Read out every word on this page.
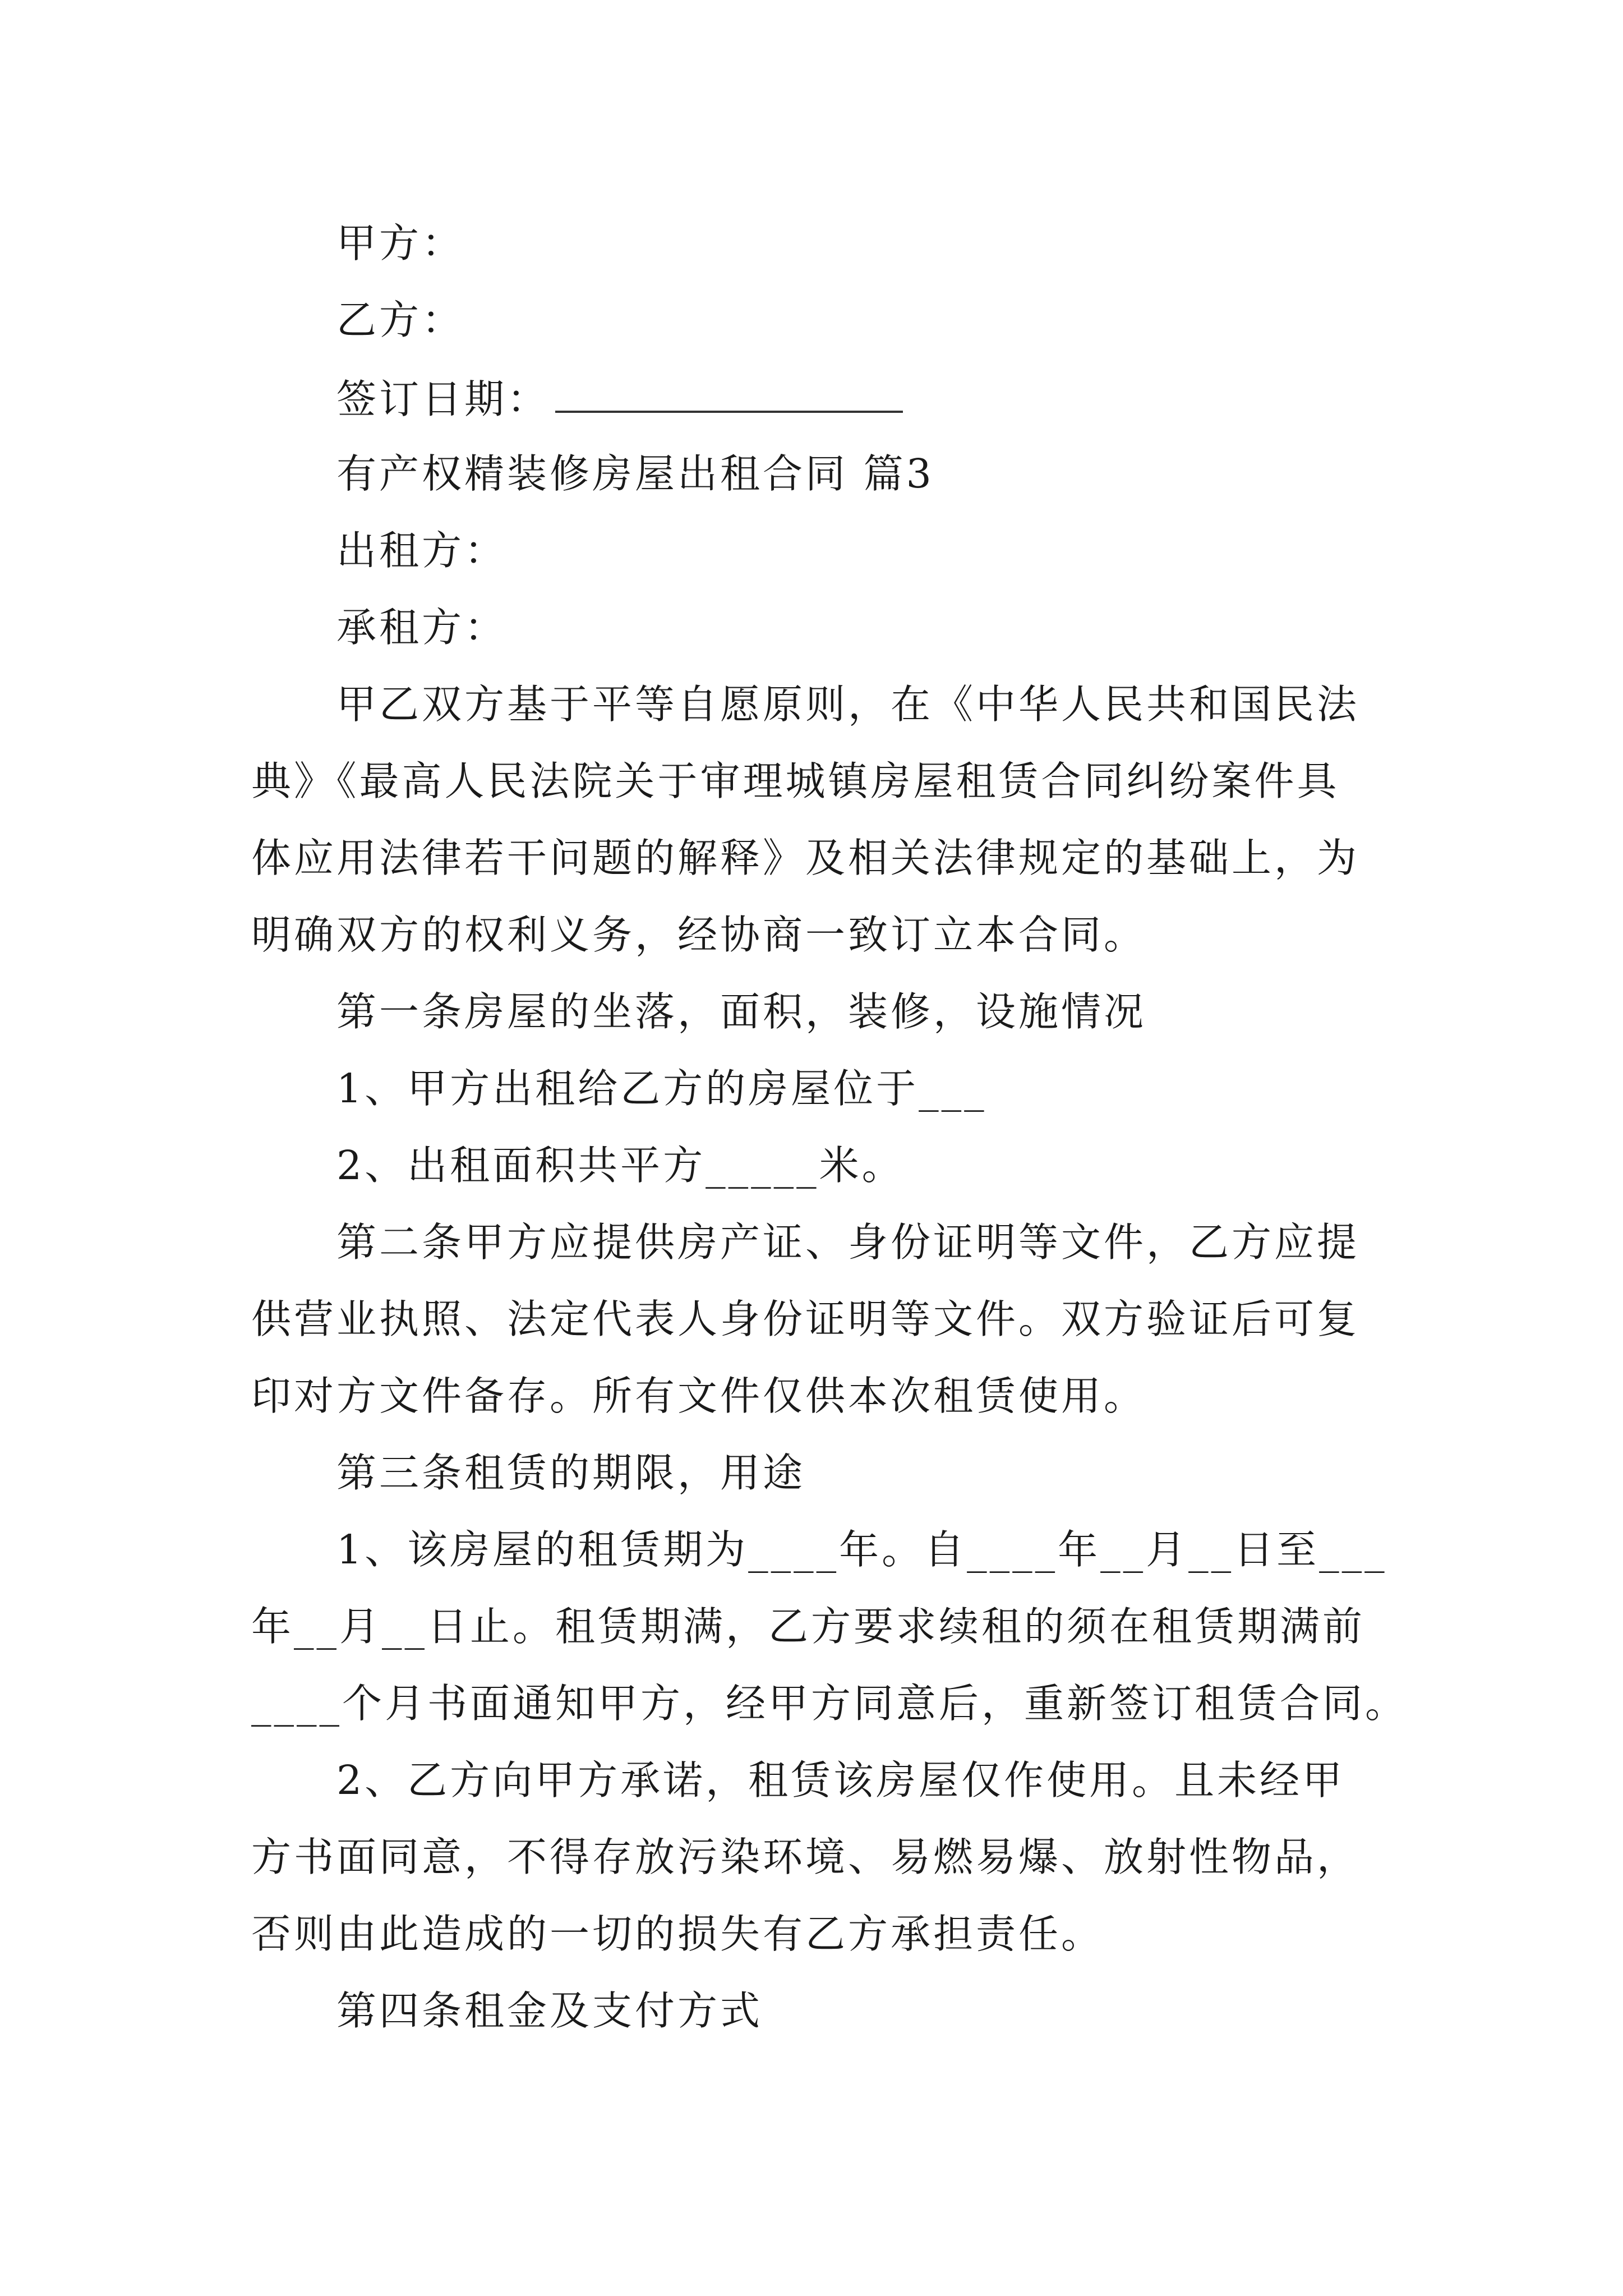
甲方：
乙方：
签订日期：
有产权精装修房屋出租合同 篇3
出租方：
承租方：
甲乙双方基于平等自愿原则，在《中华人民共和国民法
典》《最高人民法院关于审理城镇房屋租赁合同纠纷案件具
体应用法律若干问题的解释》及相关法律规定的基础上，为
明确双方的权利义务，经协商一致订立本合同。
第一条房屋的坐落，面积，装修，设施情况
1、甲方出租给乙方的房屋位于___
2、出租面积共平方_____米。
第二条甲方应提供房产证、身份证明等文件，乙方应提
供营业执照、法定代表人身份证明等文件。双方验证后可复
印对方文件备存。所有文件仅供本次租赁使用。
第三条租赁的期限，用途
1、该房屋的租赁期为____年。自____年__月__日至___
年__月__日止。租赁期满，乙方要求续租的须在租赁期满前
____个月书面通知甲方，经甲方同意后，重新签订租赁合同。
2、乙方向甲方承诺，租赁该房屋仅作使用。且未经甲
方书面同意，不得存放污染环境、易燃易爆、放射性物品，
否则由此造成的一切的损失有乙方承担责任。
第四条租金及支付方式
